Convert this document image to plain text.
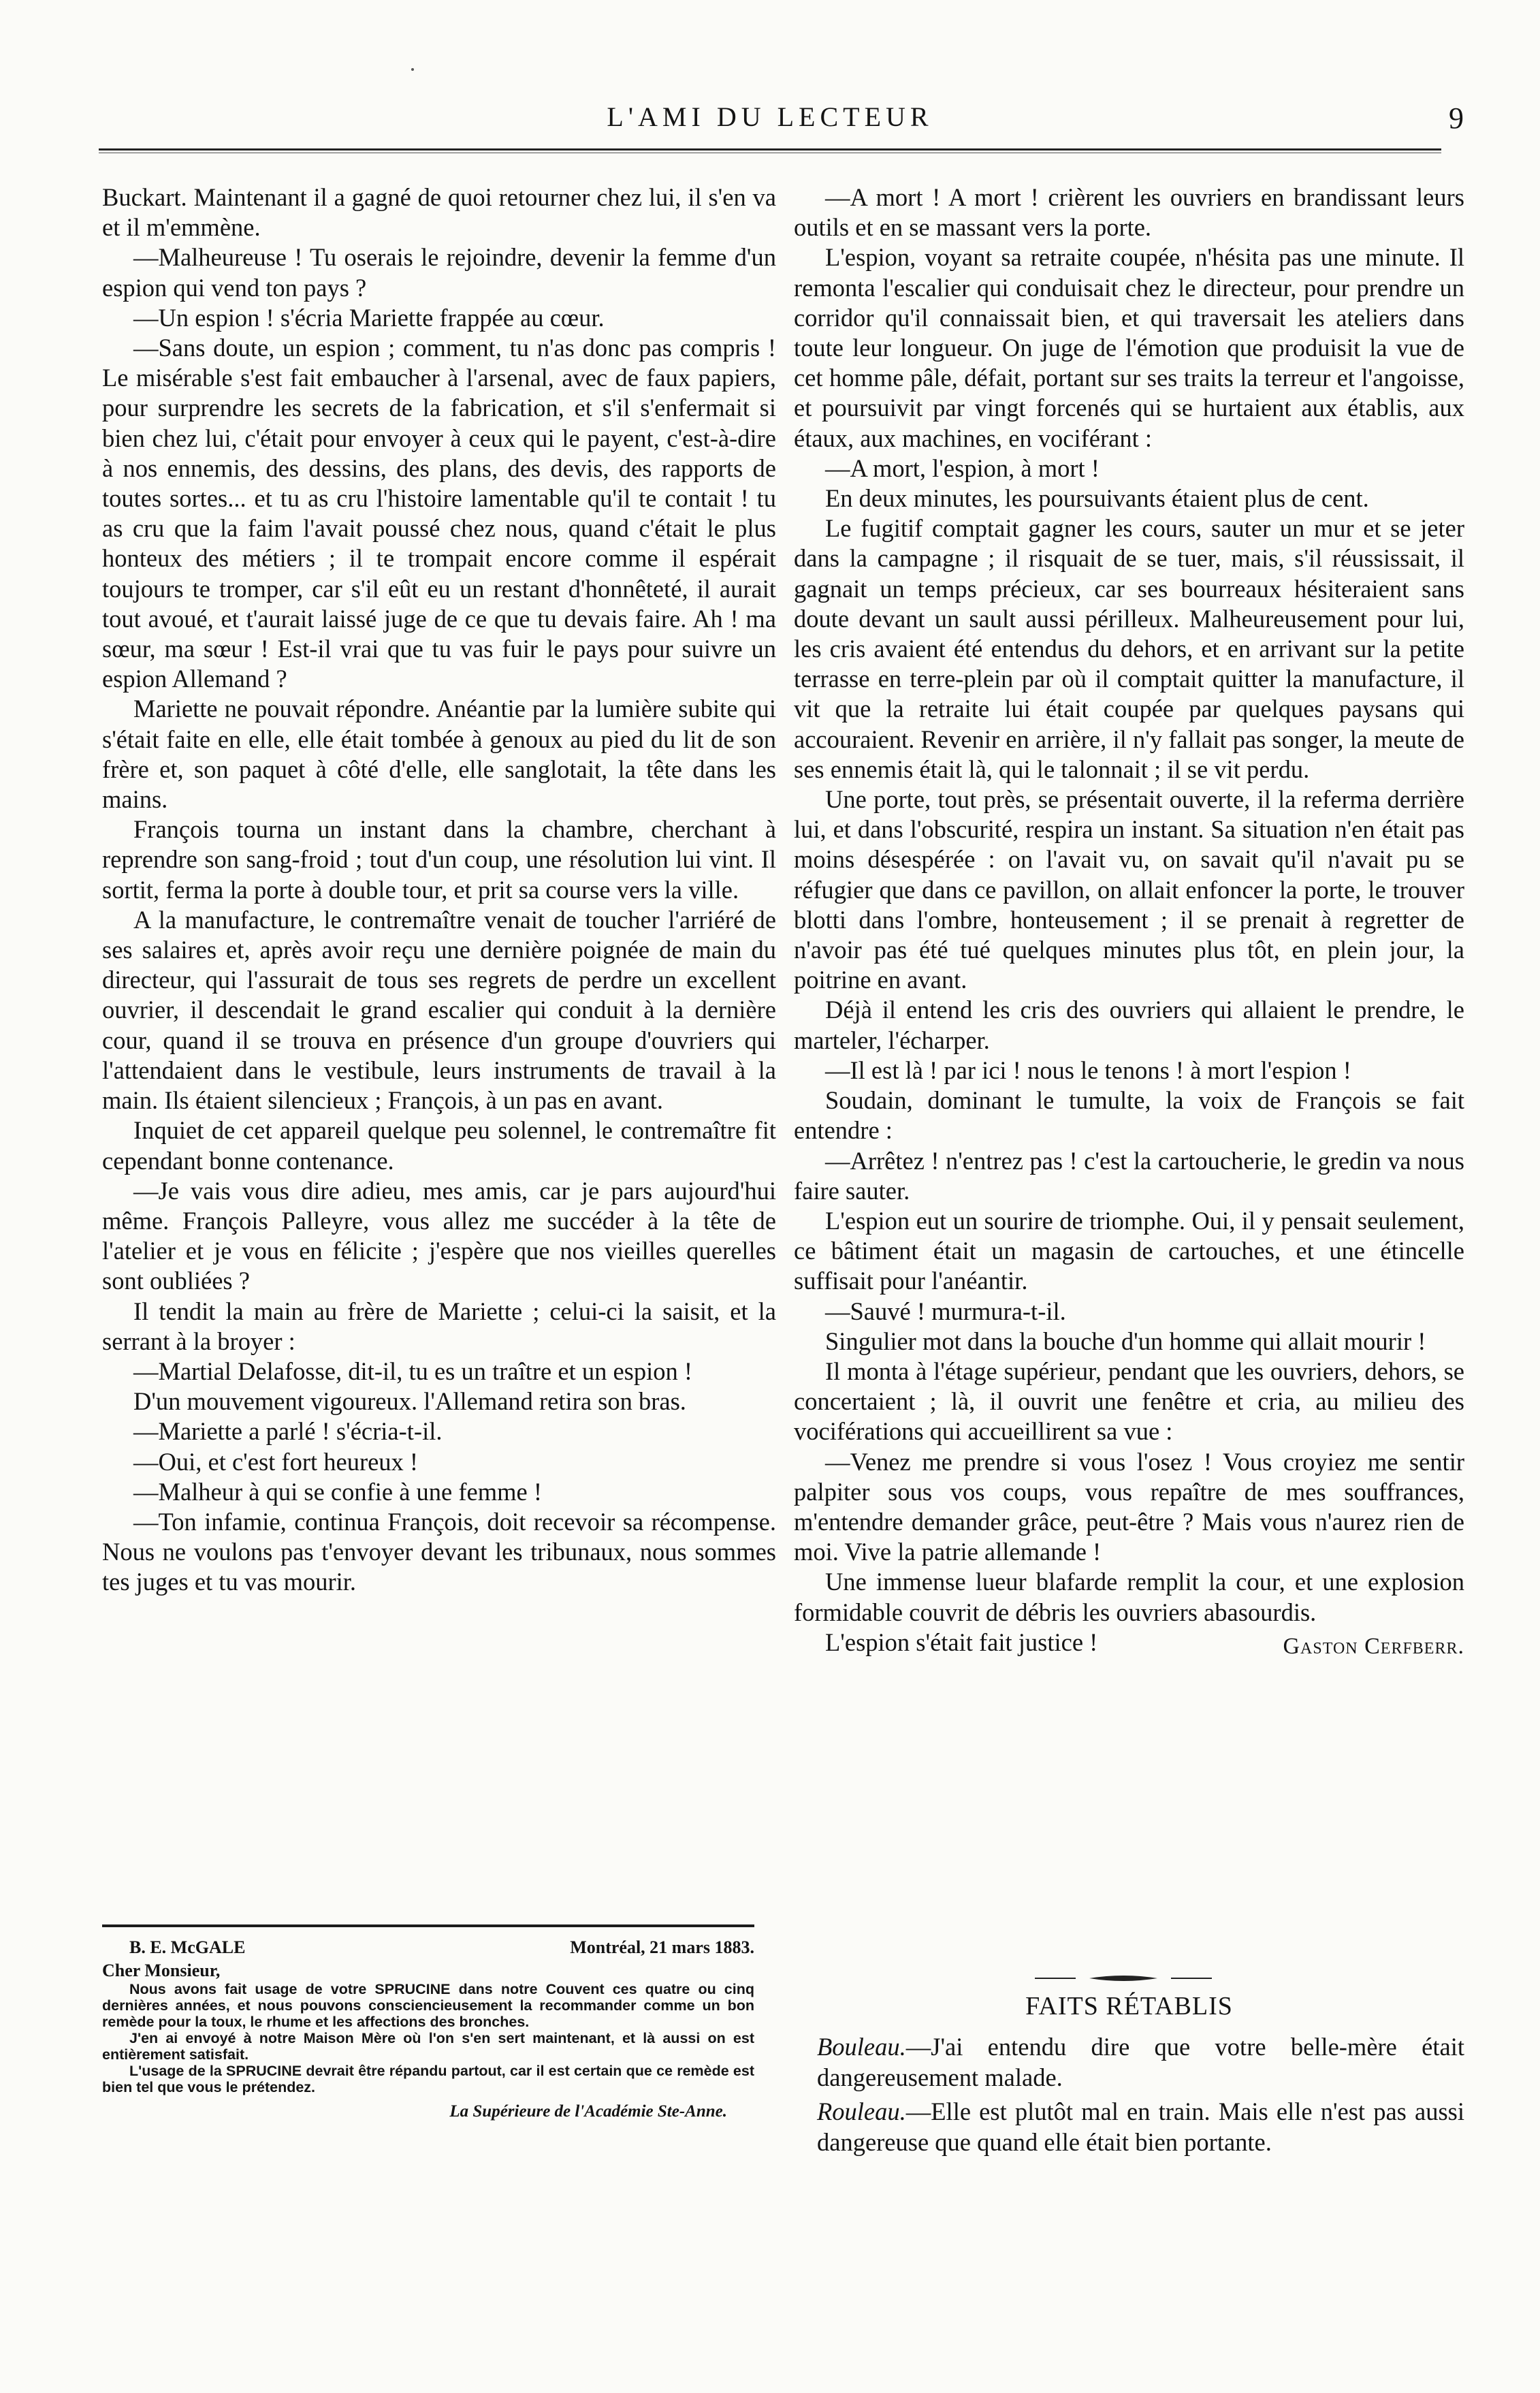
L'AMI DU LECTEUR	9

Buckart. Maintenant il a gagné de quoi retourner chez lui, il s'en va et il m'emmène.

—Malheureuse ! Tu oserais le rejoindre, devenir la femme d'un espion qui vend ton pays ?

—Un espion ! s'écria Mariette frappée au cœur.

—Sans doute, un espion ; comment, tu n'as donc pas compris ! Le misérable s'est fait embaucher à l'arsenal, avec de faux papiers, pour surprendre les secrets de la fabrication, et s'il s'enfermait si bien chez lui, c'était pour envoyer à ceux qui le payent, c'est-à-dire à nos ennemis, des dessins, des plans, des devis, des rapports de toutes sortes... et tu as cru l'histoire lamentable qu'il te contait ! tu as cru que la faim l'avait poussé chez nous, quand c'était le plus honteux des métiers ; il te trompait encore comme il espérait toujours te tromper, car s'il eût eu un restant d'honnêteté, il aurait tout avoué, et t'aurait laissé juge de ce que tu devais faire. Ah ! ma sœur, ma sœur ! Est-il vrai que tu vas fuir le pays pour suivre un espion Allemand ?

Mariette ne pouvait répondre. Anéantie par la lumière subite qui s'était faite en elle, elle était tombée à genoux au pied du lit de son frère et, son paquet à côté d'elle, elle sanglotait, la tête dans les mains.

François tourna un instant dans la chambre, cherchant à reprendre son sang-froid ; tout d'un coup, une résolution lui vint. Il sortit, ferma la porte à double tour, et prit sa course vers la ville.

A la manufacture, le contremaître venait de toucher l'arriéré de ses salaires et, après avoir reçu une dernière poignée de main du directeur, qui l'assurait de tous ses regrets de perdre un excellent ouvrier, il descendait le grand escalier qui conduit à la dernière cour, quand il se trouva en présence d'un groupe d'ouvriers qui l'attendaient dans le vestibule, leurs instruments de travail à la main. Ils étaient silencieux ; François, à un pas en avant.

Inquiet de cet appareil quelque peu solennel, le contremaître fit cependant bonne contenance.

—Je vais vous dire adieu, mes amis, car je pars aujourd'hui même. François Palleyre, vous allez me succéder à la tête de l'atelier et je vous en félicite ; j'espère que nos vieilles querelles sont oubliées ?

Il tendit la main au frère de Mariette ; celui-ci la saisit, et la serrant à la broyer :

—Martial Delafosse, dit-il, tu es un traître et un espion !

D'un mouvement vigoureux. l'Allemand retira son bras.

—Mariette a parlé ! s'écria-t-il.

—Oui, et c'est fort heureux !

—Malheur à qui se confie à une femme !

—Ton infamie, continua François, doit recevoir sa récompense. Nous ne voulons pas t'envoyer devant les tribunaux, nous sommes tes juges et tu vas mourir.

B. E. McGALE	Montréal, 21 mars 1883.
Cher Monsieur,

Nous avons fait usage de votre SPRUCINE dans notre Couvent ces quatre ou cinq dernières années, et nous pouvons consciencieusement la recommander comme un bon remède pour la toux, le rhume et les affections des bronches.

J'en ai envoyé à notre Maison Mère où l'on s'en sert maintenant, et là aussi on est entièrement satisfait.

L'usage de la SPRUCINE devrait être répandu partout, car il est certain que ce remède est bien tel que vous le prétendez.

La Supérieure de l'Académie Ste-Anne.

—A mort ! A mort ! crièrent les ouvriers en brandissant leurs outils et en se massant vers la porte.

L'espion, voyant sa retraite coupée, n'hésita pas une minute. Il remonta l'escalier qui conduisait chez le directeur, pour prendre un corridor qu'il connaissait bien, et qui traversait les ateliers dans toute leur longueur. On juge de l'émotion que produisit la vue de cet homme pâle, défait, portant sur ses traits la terreur et l'angoisse, et poursuivit par vingt forcenés qui se hurtaient aux établis, aux étaux, aux machines, en vociférant :

—A mort, l'espion, à mort !

En deux minutes, les poursuivants étaient plus de cent.

Le fugitif comptait gagner les cours, sauter un mur et se jeter dans la campagne ; il risquait de se tuer, mais, s'il réussissait, il gagnait un temps précieux, car ses bourreaux hésiteraient sans doute devant un sault aussi périlleux. Malheureusement pour lui, les cris avaient été entendus du dehors, et en arrivant sur la petite terrasse en terre-plein par où il comptait quitter la manufacture, il vit que la retraite lui était coupée par quelques paysans qui accouraient. Revenir en arrière, il n'y fallait pas songer, la meute de ses ennemis était là, qui le talonnait ; il se vit perdu.

Une porte, tout près, se présentait ouverte, il la referma derrière lui, et dans l'obscurité, respira un instant. Sa situation n'en était pas moins désespérée : on l'avait vu, on savait qu'il n'avait pu se réfugier que dans ce pavillon, on allait enfoncer la porte, le trouver blotti dans l'ombre, honteusement ; il se prenait à regretter de n'avoir pas été tué quelques minutes plus tôt, en plein jour, la poitrine en avant.

Déjà il entend les cris des ouvriers qui allaient le prendre, le marteler, l'écharper.

—Il est là ! par ici ! nous le tenons ! à mort l'espion !

Soudain, dominant le tumulte, la voix de François se fait entendre :

—Arrêtez ! n'entrez pas ! c'est la cartoucherie, le gredin va nous faire sauter.

L'espion eut un sourire de triomphe. Oui, il y pensait seulement, ce bâtiment était un magasin de cartouches, et une étincelle suffisait pour l'anéantir.

—Sauvé ! murmura-t-il.

Singulier mot dans la bouche d'un homme qui allait mourir !

Il monta à l'étage supérieur, pendant que les ouvriers, dehors, se concertaient ; là, il ouvrit une fenêtre et cria, au milieu des vociférations qui accueillirent sa vue :

—Venez me prendre si vous l'osez ! Vous croyiez me sentir palpiter sous vos coups, vous repaître de mes souffrances, m'entendre demander grâce, peut-être ? Mais vous n'aurez rien de moi. Vive la patrie allemande !

Une immense lueur blafarde remplit la cour, et une explosion formidable couvrit de débris les ouvriers abasourdis.

L'espion s'était fait justice !	Gaston Cerfberr.
FAITS RÉTABLIS

Bouleau.—J'ai entendu dire que votre belle-mère était dangereusement malade.

Rouleau.—Elle est plutôt mal en train. Mais elle n'est pas aussi dangereuse que quand elle était bien portante.
